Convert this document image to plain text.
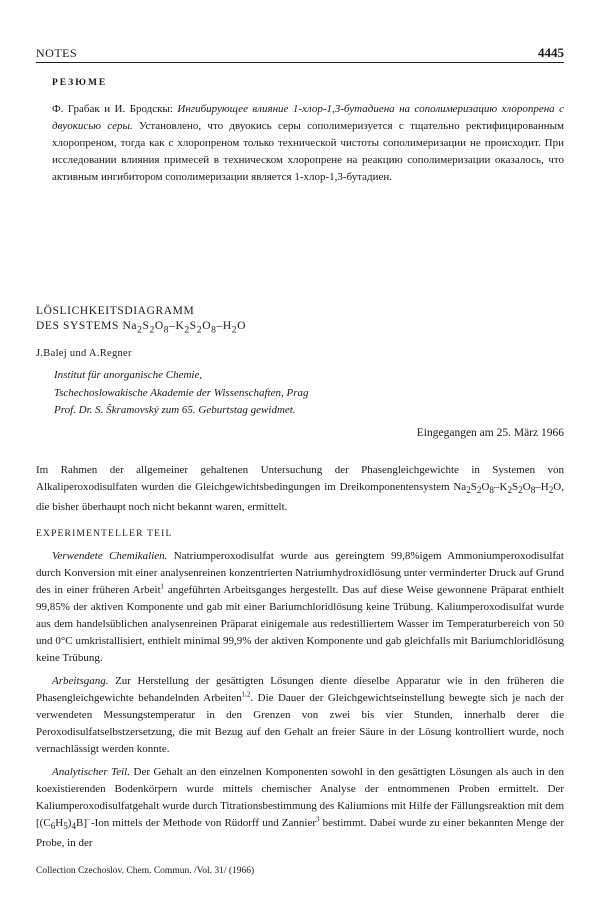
NOTES	4445
РЕЗЮМЕ

Ф. Грабак и И. Бродскы: Ингибирующее влияние 1-хлор-1,3-бутадиена на сополимеризацию хлоропрена с двуокисью серы. Установлено, что двуокись серы сополимеризуется с тщательно ректифицированным хлоропреном, тогда как с хлоропреном только технической чистоты сополимеризации не происходит. При исследовании влияния примесей в техническом хлоропрене на реакцию сополимеризации оказалось, что активным ингибитором сополимеризации является 1-хлор-1,3-бутадиен.

LÖSLICHKEITSDIAGRAMM
DES SYSTEMS $Na_2S_2O_8-K_2S_2O_8-H_2O$
J.Balej und A.Regner
Institut für anorganische Chemie,
Tschechoslowakische Akademie der Wissenschaften, Prag
Prof. Dr. S. Škramovský zum 65. Geburtstag gewidmet.
Eingegangen am 25. März 1966

Im Rahmen der allgemeiner gehaltenen Untersuchung der Phasengleichgewichte in Systemen von Alkaliperoxodisulfaten wurden die Gleichgewichtsbedingungen im Dreikomponentensystem $Na_2S_2O_8-K_2S_2O_8-H_2O$, die bisher überhaupt noch nicht bekannt waren, ermittelt.

EXPERIMENTELLER TEIL

Verwendete Chemikalien. Natriumperoxodisulfat wurde aus gereingtem 99,8%igem Ammoniumperoxodisulfat durch Konversion mit einer analysenreinen konzentrierten Natriumhydroxidlösung unter verminderter Druck auf Grund des in einer früheren Arbeit$^1$ angeführten Arbeitsganges hergestellt. Das auf diese Weise gewonnene Präparat enthielt 99,85% der aktiven Komponente und gab mit einer Bariumchloridlösung keine Trübung. Kaliumperoxodisulfat wurde aus dem handelsüblichen analysenreinen Präparat einigemale aus redestilliertem Wasser im Temperaturbereich von 50 und 0°C umkristallisiert, enthielt minimal 99,9% der aktiven Komponente und gab gleichfalls mit Bariumchloridlösung keine Trübung.

Arbeitsgang. Zur Herstellung der gesättigten Lösungen diente dieselbe Apparatur wie in den früheren die Phasengleichgewichte behandelnden Arbeiten$^{1,2}$. Die Dauer der Gleichgewichtseinstellung bewegte sich je nach der verwendeten Messungstemperatur in den Grenzen von zwei bis vier Stunden, innerhalb derer die Peroxodisulfatselbstzersetzung, die mit Bezug auf den Gehalt an freier Säure in der Lösung kontrolliert wurde, noch vernachlässigt werden konnte.

Analytischer Teil. Der Gehalt an den einzelnen Komponenten sowohl in den gesättigten Lösungen als auch in den koexistierenden Bodenkörpern wurde mittels chemischer Analyse der entnommenen Proben ermittelt. Der Kaliumperoxodisulfatgehalt wurde durch Titrationsbestimmung des Kaliumions mit Hilfe der Fällungsreaktion mit dem $[(C_6H_5)_4B]^-$-Ion mittels der Methode von Rüdorff und Zannier$^3$ bestimmt. Dabei wurde zu einer bekannten Menge der Probe, in der

Collection Czechoslov. Chem. Commun. /Vol. 31/ (1966)
